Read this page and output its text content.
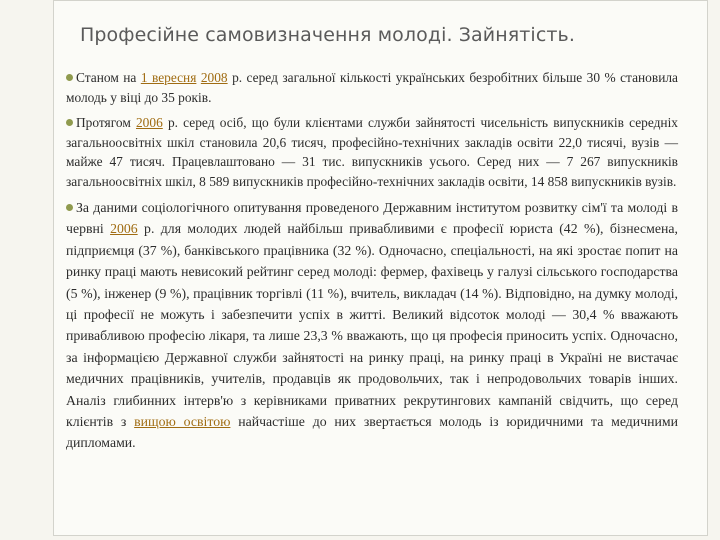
Професійне самовизначення молоді. Зайнятість.

Станом на 1 вересня 2008 р. серед загальної кількості українських безробітних більше 30 % становила молодь у віці до 35 років.

Протягом 2006 р. серед осіб, що були клієнтами служби зайнятості чисельність випускників середніх загальноосвітніх шкіл становила 20,6 тисяч, професійно-технічних закладів освіти 22,0 тисячі, вузів — майже 47 тисяч. Працевлаштовано — 31 тис. випускників усього. Серед них — 7 267 випускників загальноосвітніх шкіл, 8 589 випускників професійно-технічних закладів освіти, 14 858 випускників вузів.

За даними соціологічного опитування проведеного Державним інститутом розвитку сім'ї та молоді в червні 2006 р. для молодих людей найбільш привабливими є професії юриста (42 %), бізнесмена, підприємця (37 %), банківського працівника (32 %). Одночасно, спеціальності, на які зростає попит на ринку праці мають невисокий рейтинг серед молоді: фермер, фахівець у галузі сільського господарства (5 %), інженер (9 %), працівник торгівлі (11 %), вчитель, викладач (14 %). Відповідно, на думку молоді, ці професії не можуть і забезпечити успіх в житті. Великий відсоток молоді — 30,4 % вважають привабливою професію лікаря, та лише 23,3 % вважають, що ця професія приносить успіх. Одночасно, за інформацією Державної служби зайнятості на ринку праці, на ринку праці в Україні не вистачає медичних працівників, учителів, продавців як продовольчих, так і непродовольчих товарів інших. Аналіз глибинних інтерв'ю з керівниками приватних рекрутингових кампаній свідчить, що серед клієнтів з вищою освітою найчастіше до них звертається молодь із юридичними та медичними дипломами.
